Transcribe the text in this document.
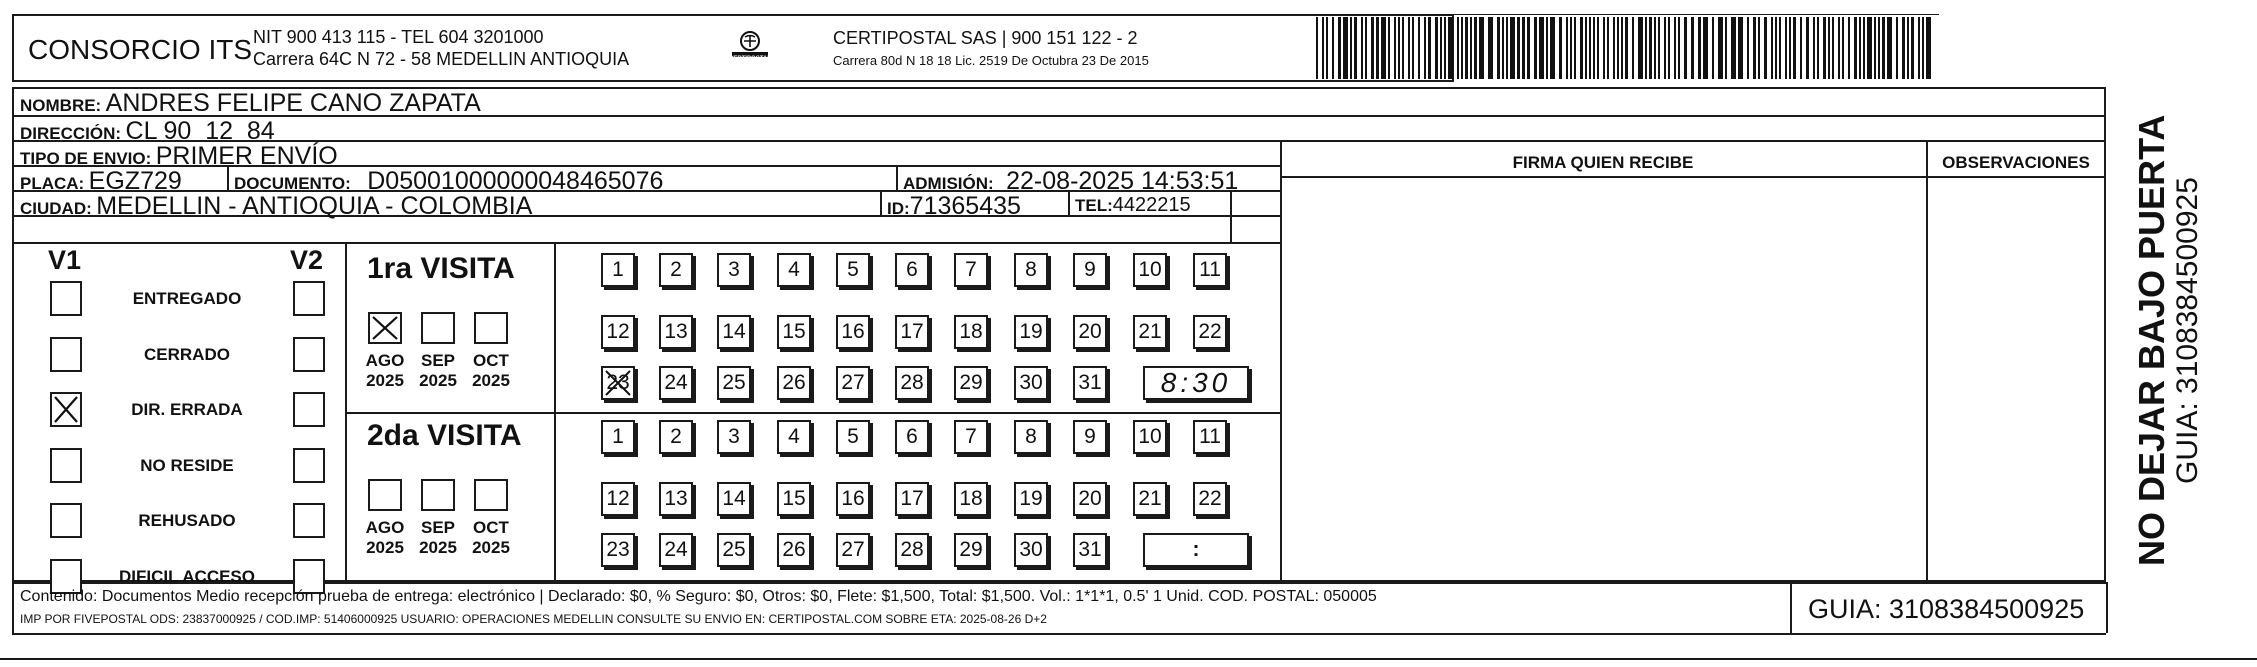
CONSORCIO ITS NIT 900 413 115 - TEL 604 3201000
Carrera 64C N 72 - 58 MEDELLIN ANTIOQUIA	CERTIPOSTAL
CERTIPOSTAL SAS | 900 151 122 - 2
Carrera 80d N 18 18 Lic. 2519 De Octubra 23 De 2015
NOMBRE: ANDRES FELIPE CANO ZAPATA
DIRECCIÓN: CL 90  12  84
TIPO DE ENVIO: PRIMER ENVÍO
PLACA: EGZ729	DOCUMENTO: D05001000000048465076	ADMISIÓN: 22-08-2025 14:53:51
CIUDAD: MEDELLIN - ANTIOQUIA - COLOMBIA	ID:71365435	TEL:4422215
FIRMA QUIEN RECIBE	OBSERVACIONES
V1	V2
ENTREGADO
CERRADO
DIR. ERRADA
NO RESIDE
REHUSADO
DIFICIL ACCESO
1ra VISITA
2da VISITA
AGO
2025
SEP
2025
OCT
2025
1	2	3	4	5	6	7	8	9	10 11
12 13 14 15 16 17 18 19 20 21 22
23 24 25 26 27 28 29 30 31	8:30
AGO
2025
SEP
2025
OCT
2025
1	2	3	4	5	6	7	8	9	10 11
12 13 14 15 16 17 18 19 20 21 22
23 24 25 26 27 28 29 30 31	:
Contenido: Documentos Medio recepción prueba de entrega: electrónico | Declarado: $0, % Seguro: $0, Otros: $0, Flete: $1,500, Total: $1,500. Vol.: 1*1*1, 0.5' 1 Unid. COD. POSTAL: 050005
IMP POR FIVEPOSTAL ODS: 23837000925 / COD.IMP: 51406000925 USUARIO: OPERACIONES MEDELLIN CONSULTE SU ENVIO EN: CERTIPOSTAL.COM SOBRE ETA: 2025-08-26 D+2	GUIA: 3108384500925
NO DEJAR BAJO PUERTA GUIA: 3108384500925
